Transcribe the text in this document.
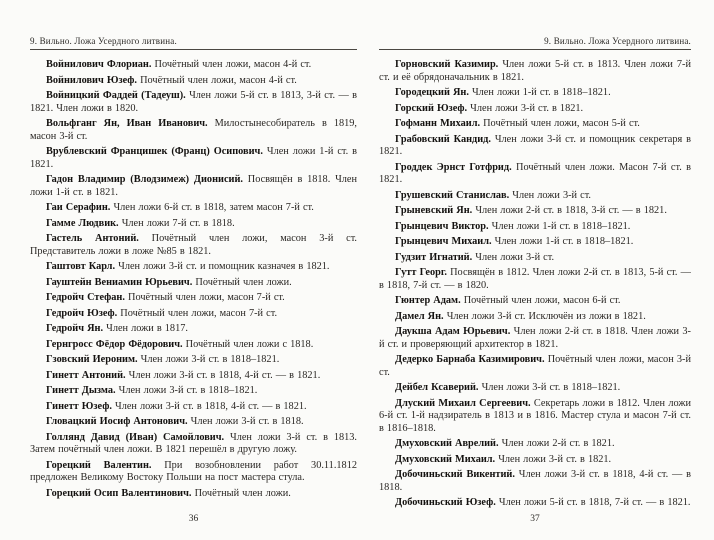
9. Вильно. Ложа Усердного литвина.

Войнилович Флориан. Почётный член ложи, масон 4-й ст.

Войнилович Юзеф. Почётный член ложи, масон 4-й ст.

Войницкий Фаддей (Тадеуш). Член ложи 5-й ст. в 1813, 3-й ст. — в 1821. Член ложи в 1820.

Вольфганг Ян, Иван Иванович. Милостынесобиратель в 1819, масон 3-й ст.

Врублевский Францишек (Франц) Осипович. Член ложи 1-й ст. в 1821.

Гадон Владимир (Влодзимеж) Дионисий. Посвящён в 1818. Член ложи 1-й ст. в 1821.

Гаи Серафин. Член ложи 6-й ст. в 1818, затем масон 7-й ст.

Гамме Людвик. Член ложи 7-й ст. в 1818.

Гастель Антоний. Почётный член ложи, масон 3-й ст. Представитель ложи в ложе №85 в 1821.

Гаштовт Карл. Член ложи 3-й ст. и помощник казначея в 1821.

Гауштейн Вениамин Юрьевич. Почётный член ложи.

Гедройч Стефан. Почётный член ложи, масон 7-й ст.

Гедройч Юзеф. Почётный член ложи, масон 7-й ст.

Гедройч Ян. Член ложи в 1817.

Гернгросс Фёдор Фёдорович. Почётный член ложи с 1818.

Гзовский Иероним. Член ложи 3-й ст. в 1818–1821.

Гинетт Антоний. Член ложи 3-й ст. в 1818, 4-й ст. — в 1821.

Гинетт Дызма. Член ложи 3-й ст. в 1818–1821.

Гинетт Юзеф. Член ложи 3-й ст. в 1818, 4-й ст. — в 1821.

Гловацкий Иосиф Антонович. Член ложи 3-й ст. в 1818.

Голлянд Давид (Иван) Самойлович. Член ложи 3-й ст. в 1813. Затем почётный член ложи. В 1821 перешёл в другую ложу.

Горецкий Валентин. При возобновлении работ 30.11.1812 предложен Великому Востоку Польши на пост мастера стула.

Горецкий Осип Валентинович. Почётный член ложи.

36
9. Вильно. Ложа Усердного литвина.

Горновский Казимир. Член ложи 5-й ст. в 1813. Член ложи 7-й ст. и её обрядоначальник в 1821.

Городецкий Ян. Член ложи 1-й ст. в 1818–1821.

Горский Юзеф. Член ложи 3-й ст. в 1821.

Гофманн Михаил. Почётный член ложи, масон 5-й ст.

Грабовский Кандид. Член ложи 3-й ст. и помощник секретаря в 1821.

Гроддек Эрнст Готфрид. Почётный член ложи. Масон 7-й ст. в 1821.

Грушевский Станислав. Член ложи 3-й ст.

Грыневский Ян. Член ложи 2-й ст. в 1818, 3-й ст. — в 1821.

Грынцевич Виктор. Член ложи 1-й ст. в 1818–1821.

Грынцевич Михаил. Член ложи 1-й ст. в 1818–1821.

Гудзит Игнатий. Член ложи 3-й ст.

Гутт Георг. Посвящён в 1812. Член ложи 2-й ст. в 1813, 5-й ст. — в 1818, 7-й ст. — в 1820.

Гюнтер Адам. Почётный член ложи, масон 6-й ст.

Дамел Ян. Член ложи 3-й ст. Исключён из ложи в 1821.

Даукша Адам Юрьевич. Член ложи 2-й ст. в 1818. Член ложи 3-й ст. и проверяющий архитектор в 1821.

Дедерко Барнаба Казимирович. Почётный член ложи, масон 3-й ст.

Дейбел Ксаверий. Член ложи 3-й ст. в 1818–1821.

Длуский Михаил Сергеевич. Секретарь ложи в 1812. Член ложи 6-й ст. 1-й надзиратель в 1813 и в 1816. Мастер стула и масон 7-й ст. в 1816–1818.

Дмуховский Аврелий. Член ложи 2-й ст. в 1821.

Дмуховский Михаил. Член ложи 3-й ст. в 1821.

Добочиньский Викентий. Член ложи 3-й ст. в 1818, 4-й ст. — в 1818.

Добочиньский Юзеф. Член ложи 5-й ст. в 1818, 7-й ст. — в 1821.

37
